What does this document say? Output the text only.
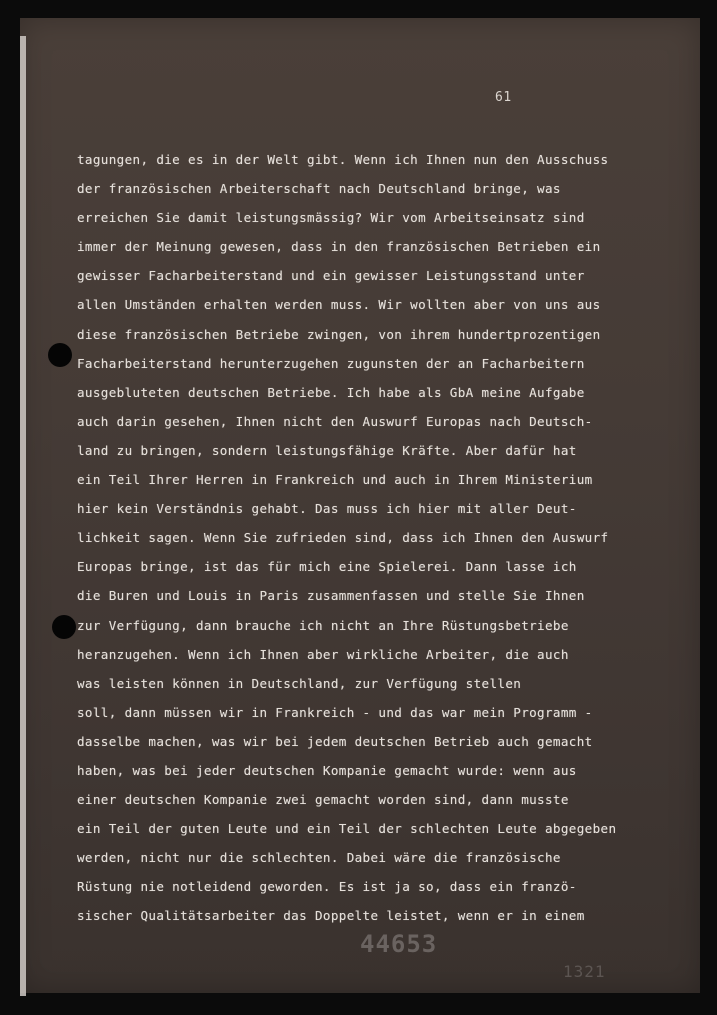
61
tagungen, die es in der Welt gibt. Wenn ich Ihnen nun den Ausschuss
der französischen Arbeiterschaft nach Deutschland bringe, was
erreichen Sie damit leistungsmässig? Wir vom Arbeitseinsatz sind
immer der Meinung gewesen, dass in den französischen Betrieben ein
gewisser Facharbeiterstand und ein gewisser Leistungsstand unter
allen Umständen erhalten werden muss. Wir wollten aber von uns aus
diese französischen Betriebe zwingen, von ihrem hundertprozentigen
Facharbeiterstand herunterzugehen zugunsten der an Facharbeitern
ausgebluteten deutschen Betriebe. Ich habe als GbA meine Aufgabe
auch darin gesehen, Ihnen nicht den Auswurf Europas nach Deutsch-
land zu bringen, sondern leistungsfähige Kräfte. Aber dafür hat
ein Teil Ihrer Herren in Frankreich und auch in Ihrem Ministerium
hier kein Verständnis gehabt. Das muss ich hier mit aller Deut-
lichkeit sagen. Wenn Sie zufrieden sind, dass ich Ihnen den Auswurf
Europas bringe, ist das für mich eine Spielerei. Dann lasse ich
die Buren und Louis in Paris zusammenfassen und stelle Sie Ihnen
zur Verfügung, dann brauche ich nicht an Ihre Rüstungsbetriebe
heranzugehen. Wenn ich Ihnen aber wirkliche Arbeiter, die auch
was leisten können in Deutschland, zur Verfügung stellen
soll, dann müssen wir in Frankreich - und das war mein Programm -
dasselbe machen, was wir bei jedem deutschen Betrieb auch gemacht
haben, was bei jeder deutschen Kompanie gemacht wurde: wenn aus
einer deutschen Kompanie zwei gemacht worden sind, dann musste
ein Teil der guten Leute und ein Teil der schlechten Leute abgegeben
werden, nicht nur die schlechten. Dabei wäre die französische
Rüstung nie notleidend geworden. Es ist ja so, dass ein franzö-
sischer Qualitätsarbeiter das Doppelte leistet, wenn er in einem
44653
1321
